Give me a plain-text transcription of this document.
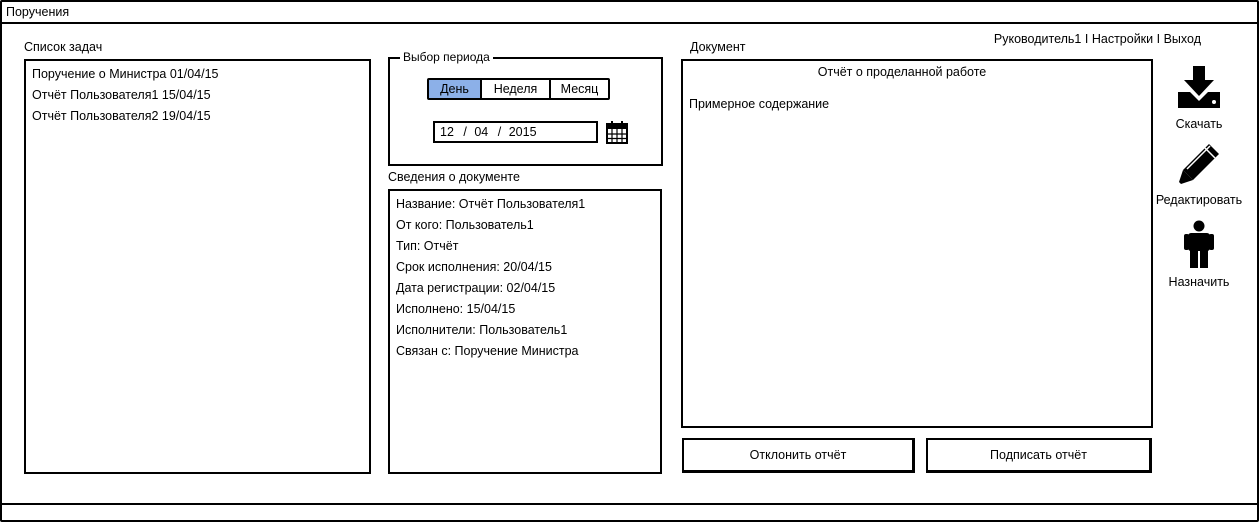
Поручения
Руководитель1 I Настройки I Выход
Список задач
Поручение о Министра 01/04/15
Отчёт Пользователя1 15/04/15
Отчёт Пользователя2 19/04/15
Выбор периода
День	Неделя	Месяц
12 / 04 / 2015
Сведения о документе
Название: Отчёт Пользователя1
От кого: Пользователь1
Тип: Отчёт
Срок исполнения: 20/04/15
Дата регистрации: 02/04/15
Исполнено: 15/04/15
Исполнители: Пользователь1
Связан с: Поручение Министра
Документ
Отчёт о проделанной работе
Примерное содержание
Отклонить отчёт	Подписать отчёт
Скачать
Редактировать
Назначить
